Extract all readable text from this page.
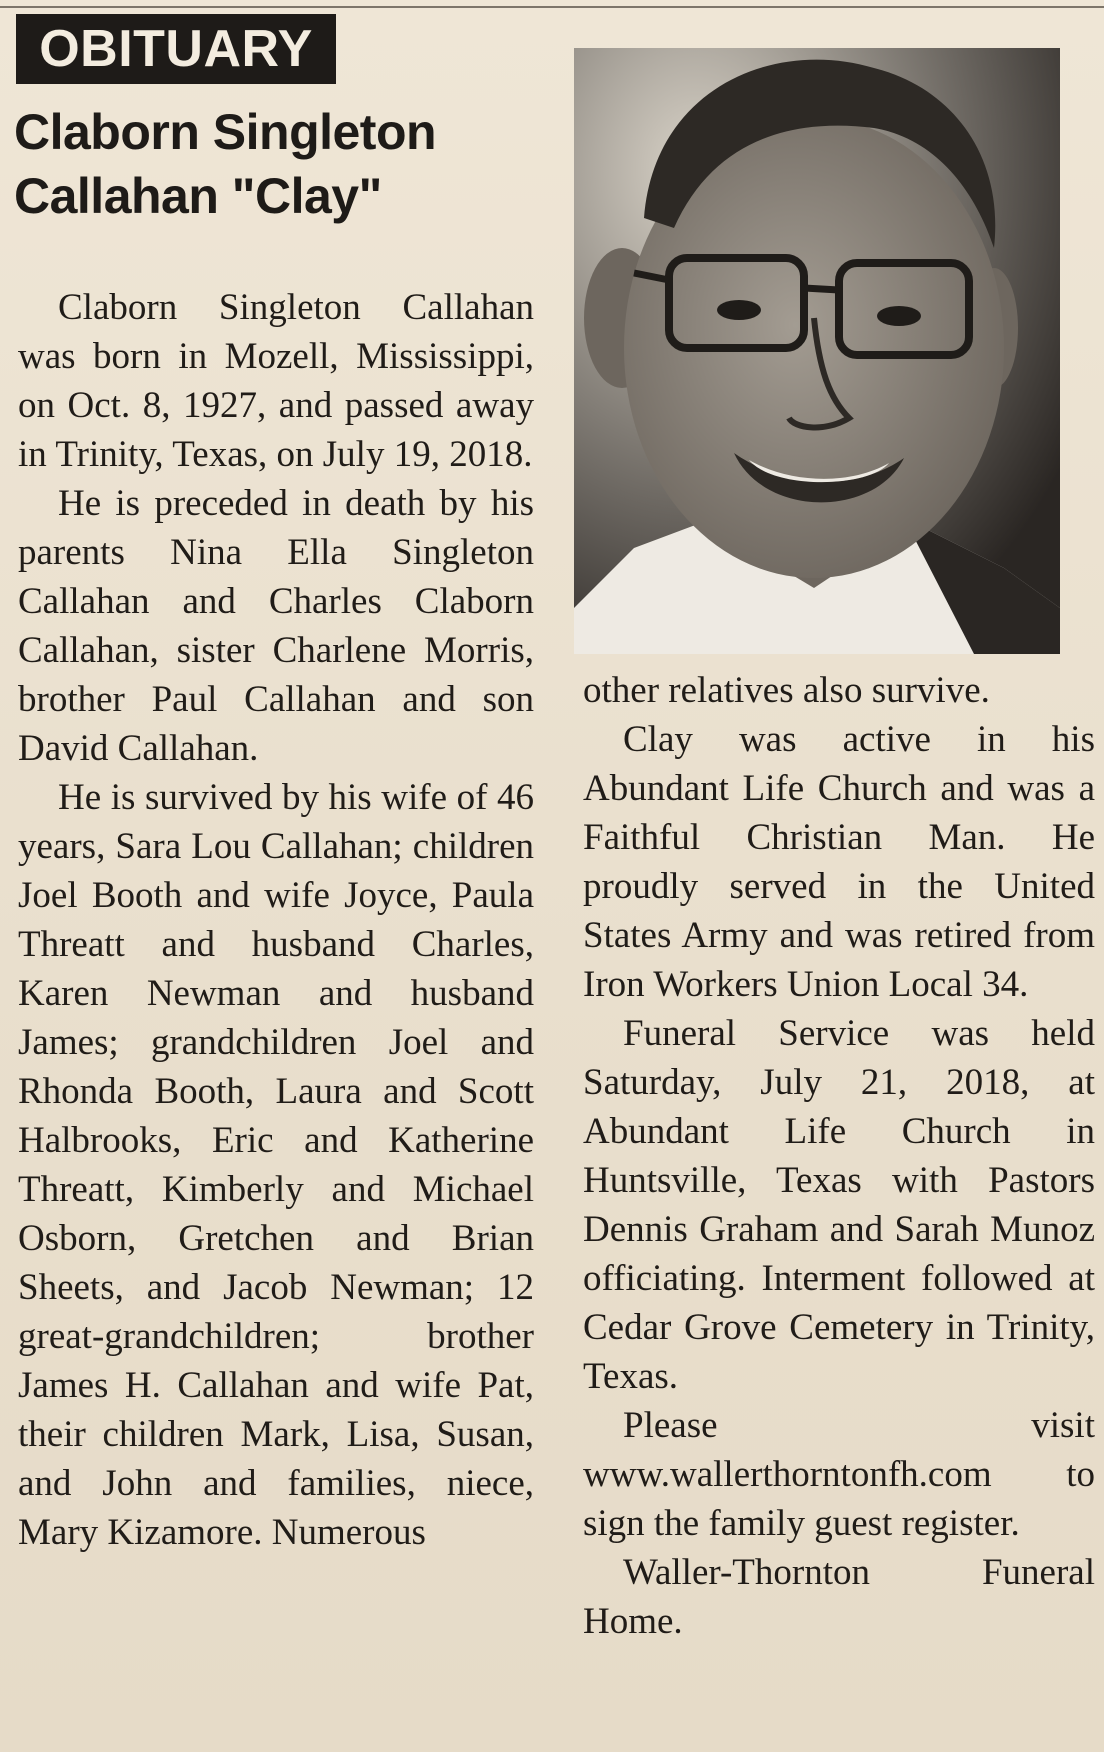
OBITUARY
Claborn Singleton
Callahan "Clay"

Claborn Singleton Callahan was born in Mozell, Mississippi, on Oct. 8, 1927, and passed away in Trinity, Texas, on July 19, 2018.

He is preceded in death by his parents Nina Ella Singleton Callahan and Charles Claborn Callahan, sister Charlene Morris, brother Paul Callahan and son David Callahan.

He is survived by his wife of 46 years, Sara Lou Callahan; children Joel Booth and wife Joyce, Paula Threatt and husband Charles, Karen Newman and husband James; grandchildren Joel and Rhonda Booth, Laura and Scott Halbrooks, Eric and Katherine Threatt, Kimberly and Michael Osborn, Gretchen and Brian Sheets, and Jacob Newman; 12 great-grandchildren; brother James H. Callahan and wife Pat, their children Mark, Lisa, Susan, and John and families, niece, Mary Kizamore. Numerous

other relatives also survive.

Clay was active in his Abundant Life Church and was a Faithful Christian Man. He proudly served in the United States Army and was retired from Iron Workers Union Local 34.

Funeral Service was held Saturday, July 21, 2018, at Abundant Life Church in Huntsville, Texas with Pastors Dennis Graham and Sarah Munoz officiating. Interment followed at Cedar Grove Cemetery in Trinity, Texas.

Please visit www.wallerthorntonfh.com to sign the family guest register.

Waller-Thornton Funeral Home.
